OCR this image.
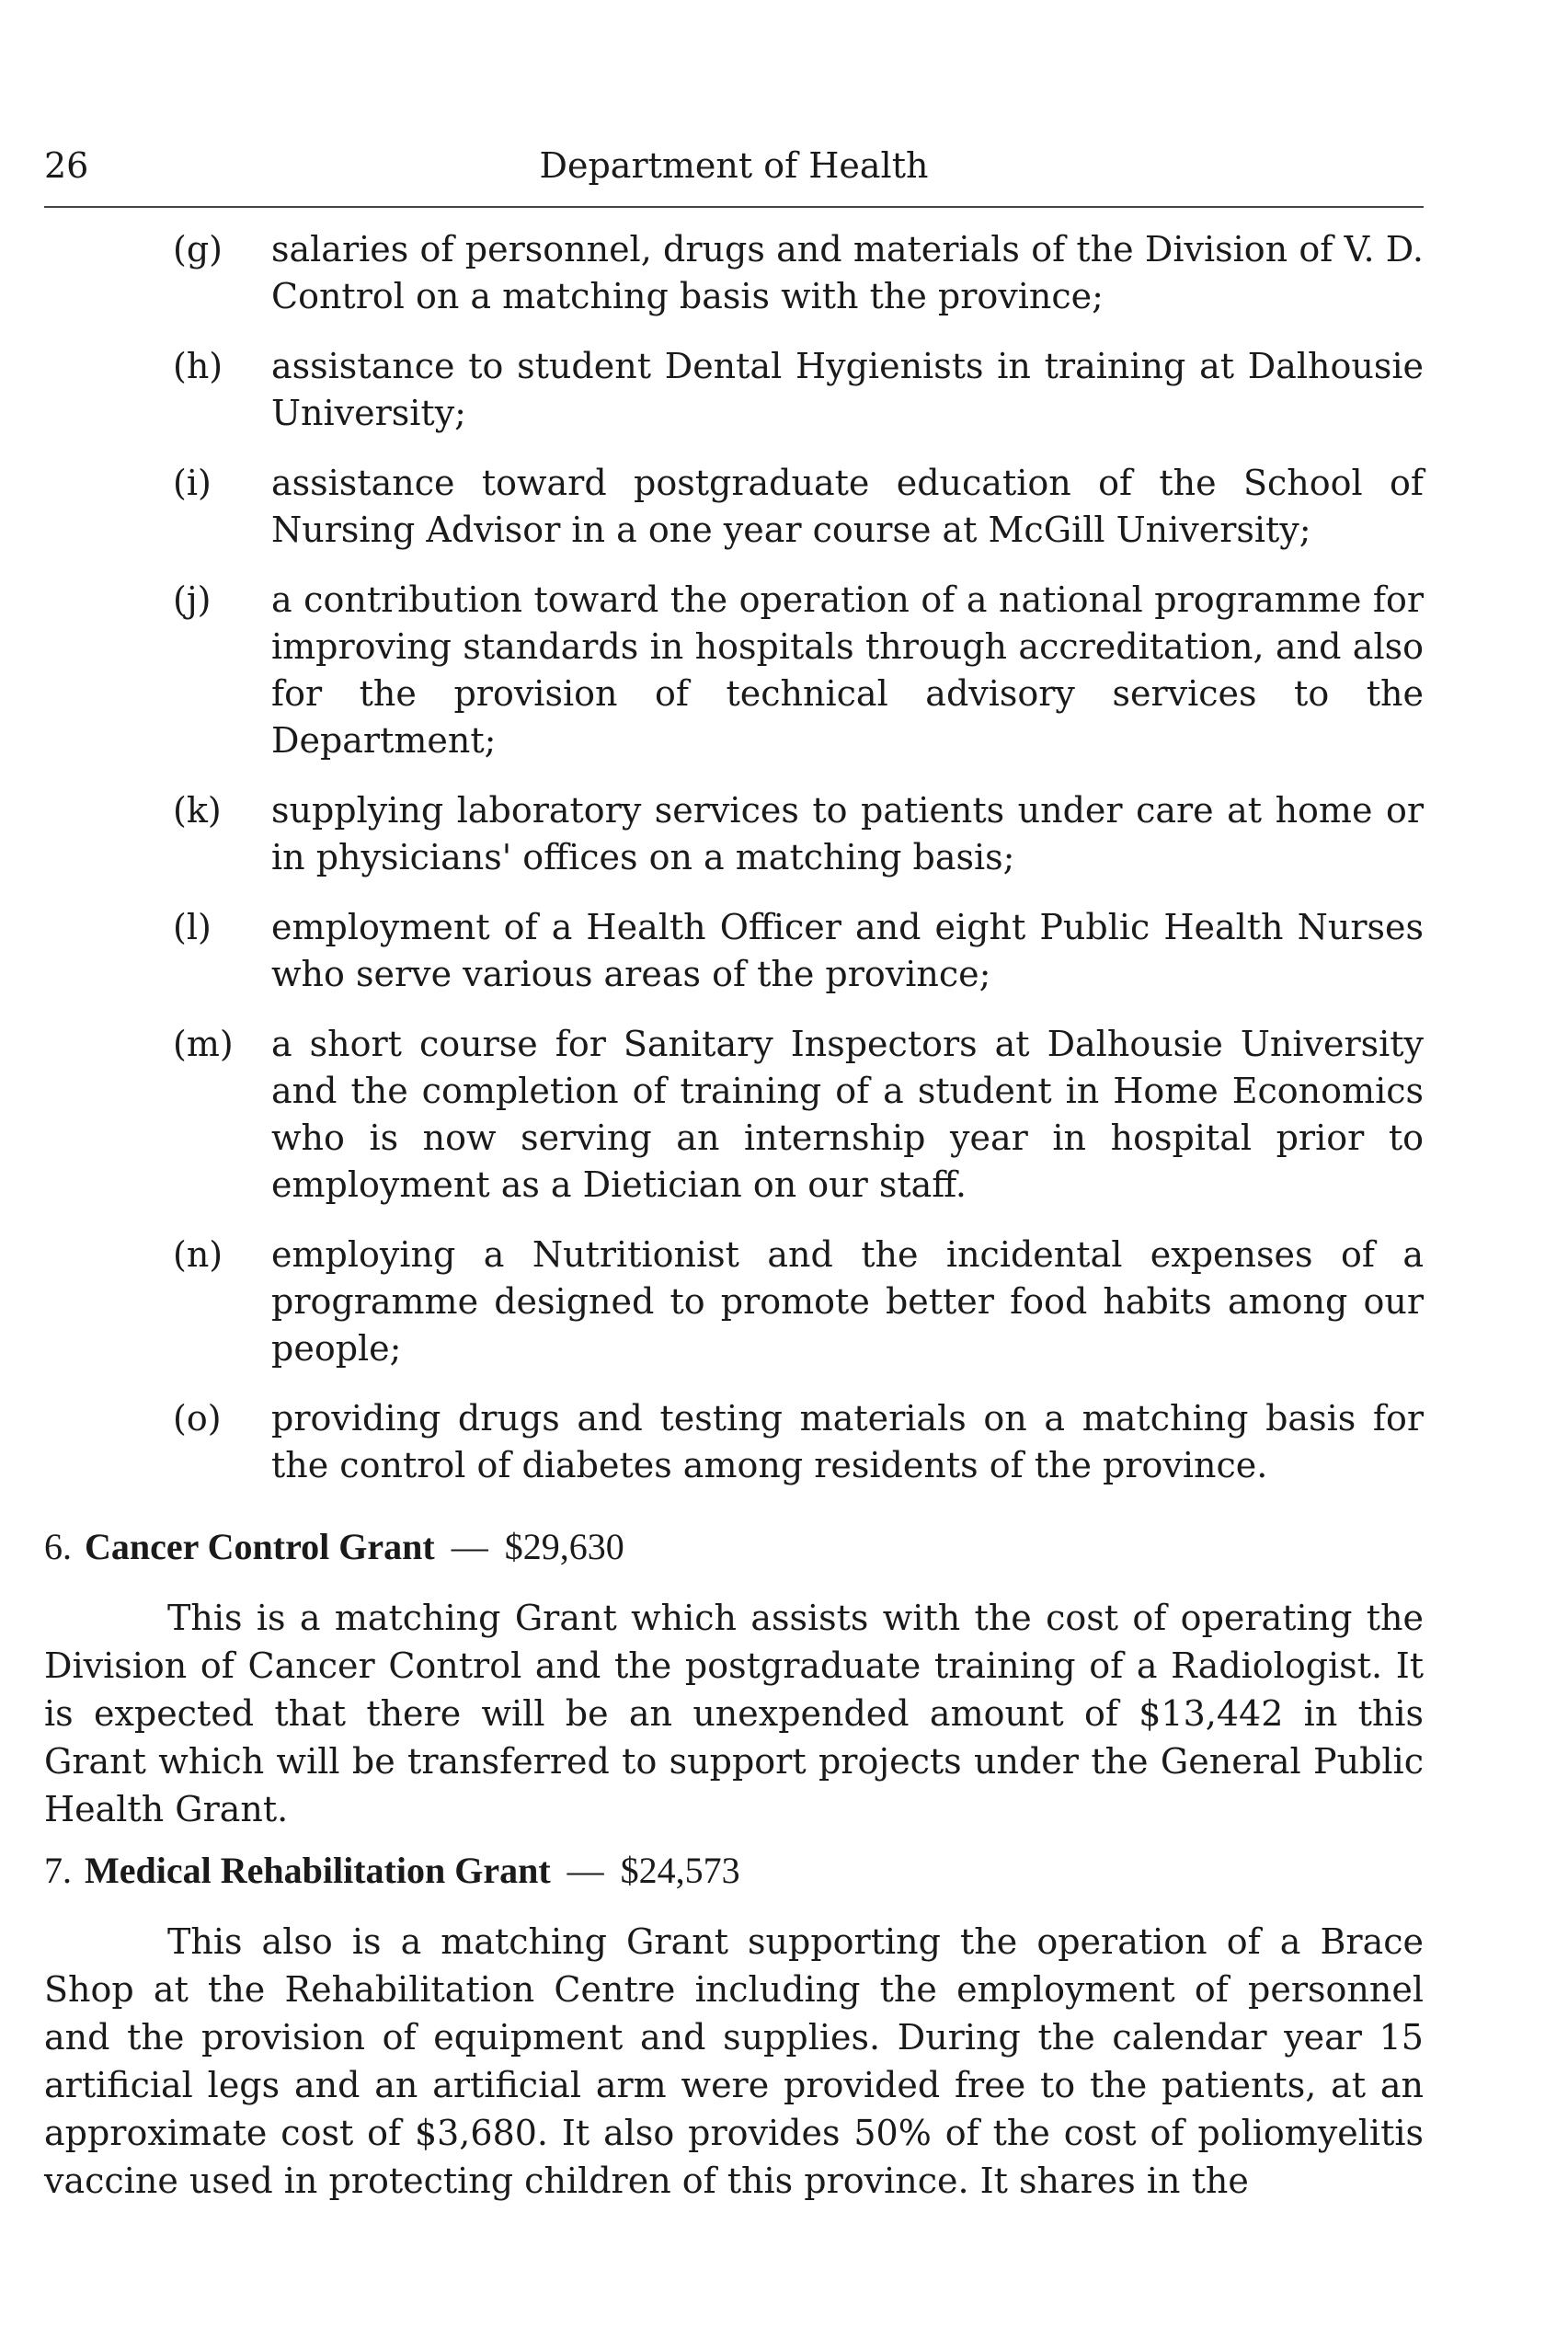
26	Department of Health
(g) salaries of personnel, drugs and materials of the Division of V. D. Control on a matching basis with the province;
(h) assistance to student Dental Hygienists in training at Dalhousie University;
(i) assistance toward postgraduate education of the School of Nursing Advisor in a one year course at McGill University;
(j) a contribution toward the operation of a national programme for improving standards in hospitals through accreditation, and also for the provision of technical advisory services to the Department;
(k) supplying laboratory services to patients under care at home or in physicians' offices on a matching basis;
(l) employment of a Health Officer and eight Public Health Nurses who serve various areas of the province;
(m) a short course for Sanitary Inspectors at Dalhousie University and the completion of training of a student in Home Economics who is now serving an internship year in hospital prior to employment as a Dietician on our staff.
(n) employing a Nutritionist and the incidental expenses of a programme designed to promote better food habits among our people;
(o) providing drugs and testing materials on a matching basis for the control of diabetes among residents of the province.
6. Cancer Control Grant — $29,630
This is a matching Grant which assists with the cost of operating the Division of Cancer Control and the postgraduate training of a Radiologist. It is expected that there will be an unexpended amount of $13,442 in this Grant which will be transferred to support projects under the General Public Health Grant.
7. Medical Rehabilitation Grant — $24,573
This also is a matching Grant supporting the operation of a Brace Shop at the Rehabilitation Centre including the employment of personnel and the provision of equipment and supplies. During the calendar year 15 artificial legs and an artificial arm were provided free to the patients, at an approximate cost of $3,680. It also provides 50% of the cost of poliomyelitis vaccine used in protecting children of this province. It shares in the
